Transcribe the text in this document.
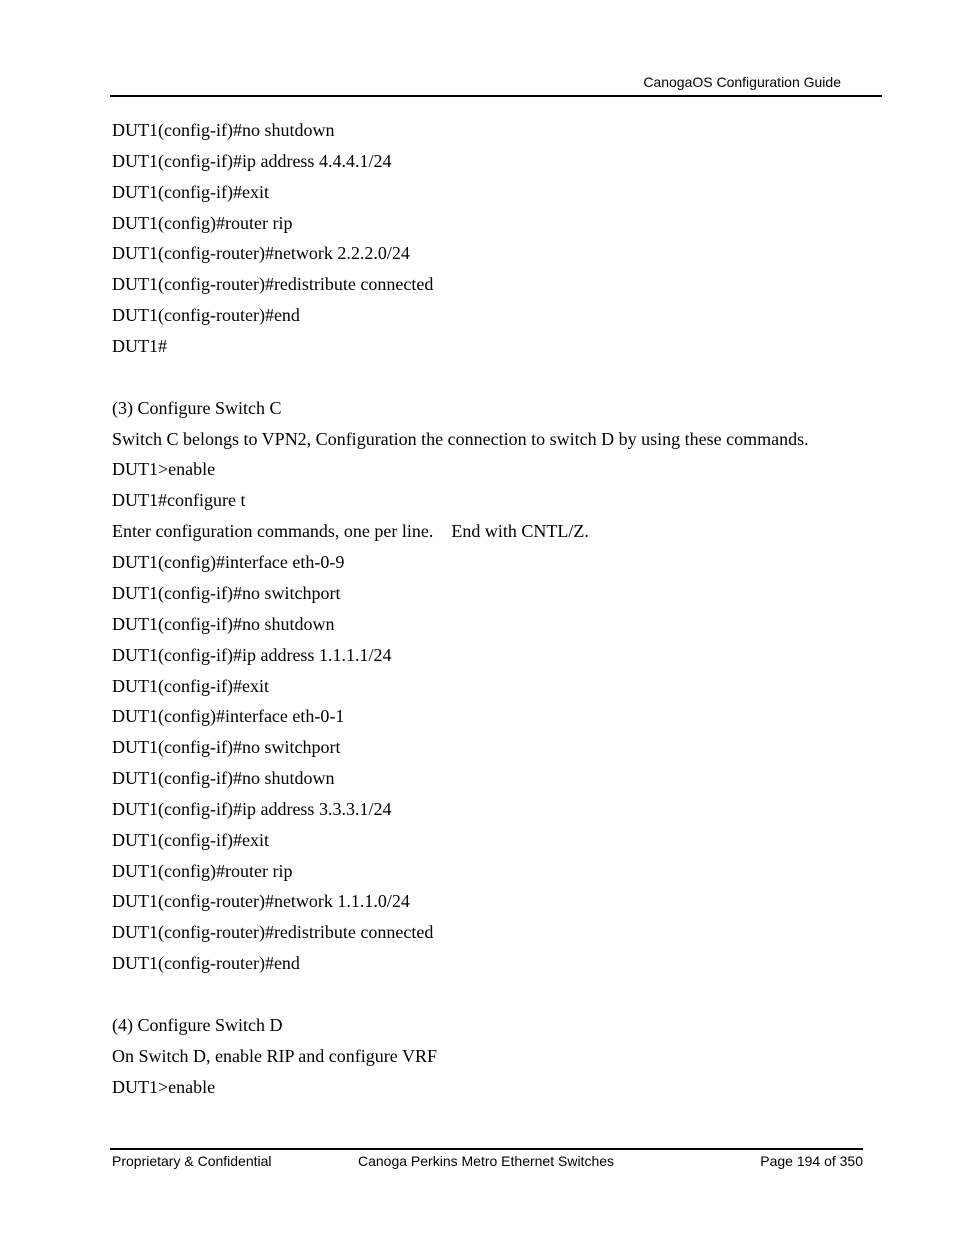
CanogaOS Configuration Guide
DUT1(config-if)#no shutdown
DUT1(config-if)#ip address 4.4.4.1/24
DUT1(config-if)#exit
DUT1(config)#router rip
DUT1(config-router)#network 2.2.2.0/24
DUT1(config-router)#redistribute connected
DUT1(config-router)#end
DUT1#
(3) Configure Switch C
Switch C belongs to VPN2, Configuration the connection to switch D by using these commands.
DUT1>enable
DUT1#configure t
Enter configuration commands, one per line.    End with CNTL/Z.
DUT1(config)#interface eth-0-9
DUT1(config-if)#no switchport
DUT1(config-if)#no shutdown
DUT1(config-if)#ip address 1.1.1.1/24
DUT1(config-if)#exit
DUT1(config)#interface eth-0-1
DUT1(config-if)#no switchport
DUT1(config-if)#no shutdown
DUT1(config-if)#ip address 3.3.3.1/24
DUT1(config-if)#exit
DUT1(config)#router rip
DUT1(config-router)#network 1.1.1.0/24
DUT1(config-router)#redistribute connected
DUT1(config-router)#end
(4) Configure Switch D
On Switch D, enable RIP and configure VRF
DUT1>enable
Proprietary & Confidential	Canoga Perkins Metro Ethernet Switches	Page 194 of 350
